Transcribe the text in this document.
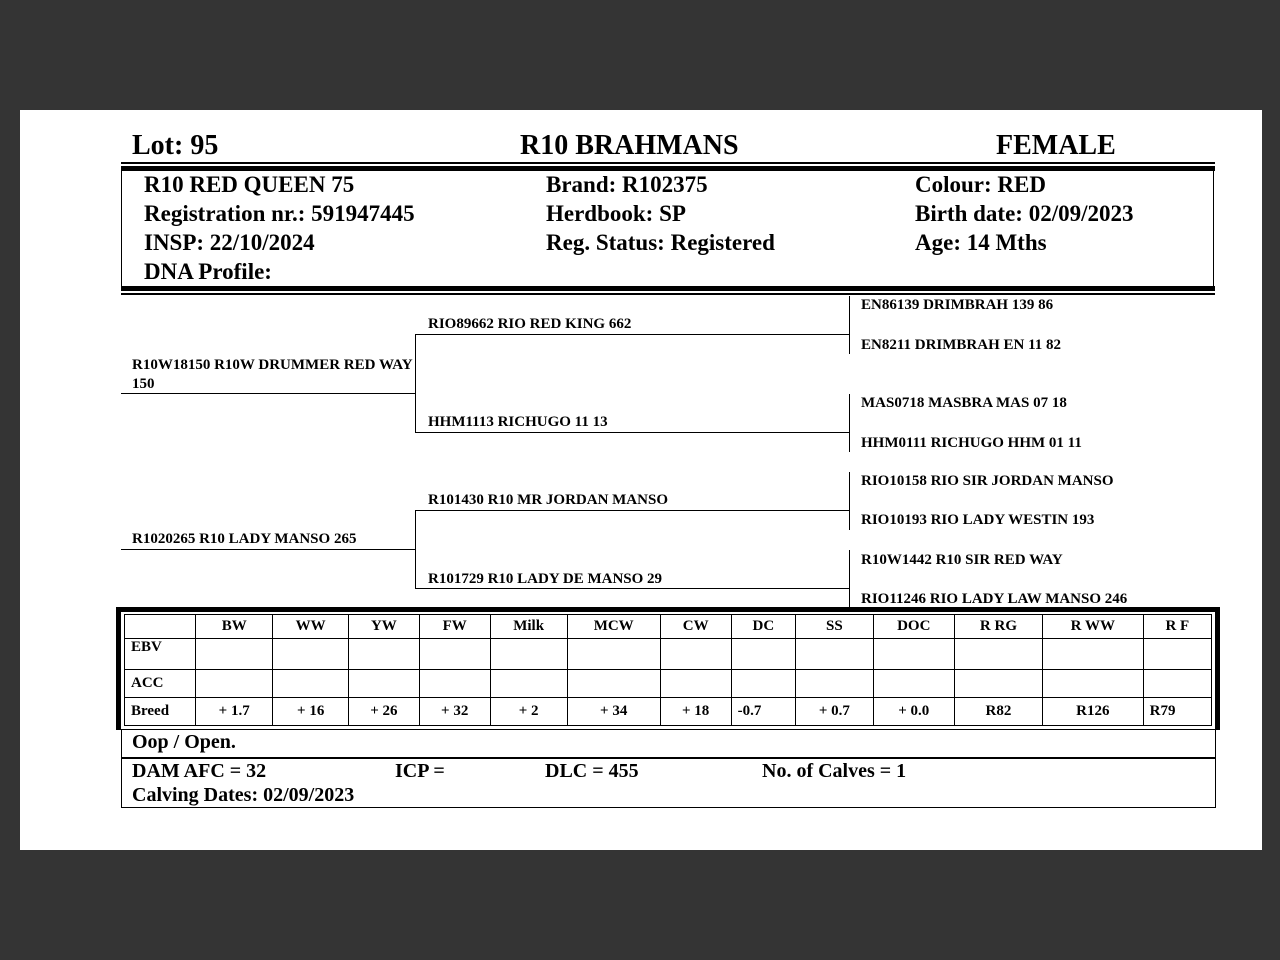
Lot: 95	R10 BRAHMANS	FEMALE
R10 RED QUEEN 75
Registration nr.: 591947445
INSP: 22/10/2024
DNA Profile:
Brand: R102375
Herdbook: SP
Reg. Status: Registered
Colour: RED
Birth date: 02/09/2023
Age: 14 Mths
R10W18150 R10W DRUMMER RED WAY 150
R1020265 R10 LADY MANSO 265
RIO89662 RIO RED KING 662
HHM1113 RICHUGO 11 13
R101430 R10 MR JORDAN MANSO
R101729 R10 LADY DE MANSO 29
EN86139 DRIMBRAH 139 86
EN8211 DRIMBRAH EN 11 82
MAS0718 MASBRA MAS 07 18
HHM0111 RICHUGO HHM 01 11
RIO10158 RIO SIR JORDAN MANSO
RIO10193 RIO LADY WESTIN 193
R10W1442 R10 SIR RED WAY
RIO11246 RIO LADY LAW MANSO 246
	BW	WW	YW	FW	Milk	MCW	CW	DC	SS	DOC	R RG	R WW	R F
EBV													
ACC													
Breed	+ 1.7	+ 16	+ 26	+ 32	+ 2	+ 34	+ 18	-0.7	+ 0.7	+ 0.0	R82	R126	R79
Oop / Open.
DAM AFC = 32	ICP =	DLC = 455	No. of Calves = 1
Calving Dates: 02/09/2023
